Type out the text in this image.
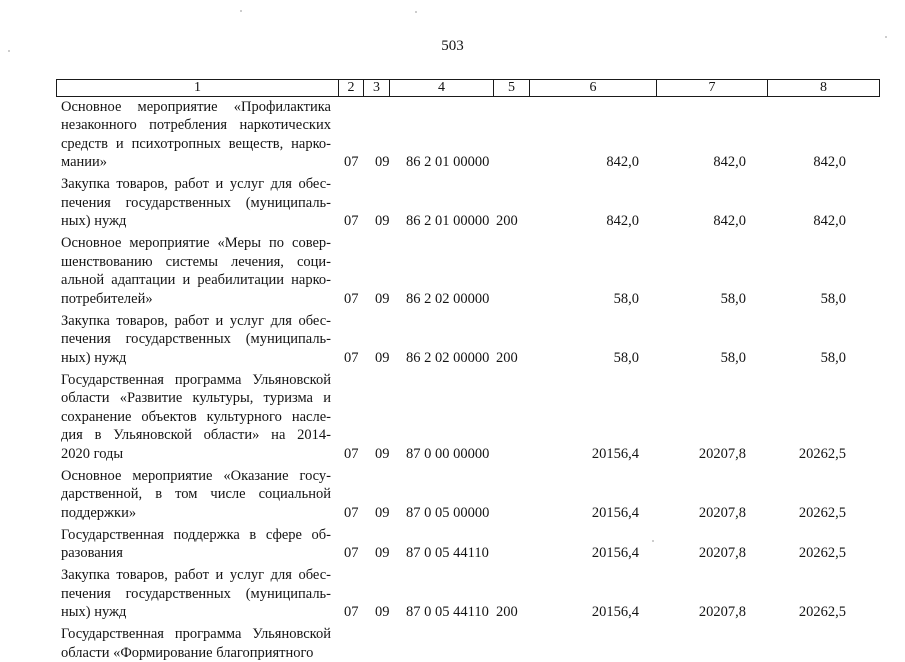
503
1	2	3	4	5	6	7	8
Основное мероприятие «Профилактика
незаконного потребления наркотических
средств и психотропных веществ, нарко-
мании»	07 09 86 2 01 00000	842,0	842,0	842,0
Закупка товаров, работ и услуг для обес-
печения государственных (муниципаль-
ных) нужд	07 09 86 2 01 00000 200	842,0	842,0	842,0
Основное мероприятие «Меры по совер-
шенствованию системы лечения, соци-
альной адаптации и реабилитации нарко-
потребителей»	07 09 86 2 02 00000	58,0	58,0	58,0
Закупка товаров, работ и услуг для обес-
печения государственных (муниципаль-
ных) нужд	07 09 86 2 02 00000 200	58,0	58,0	58,0
Государственная программа Ульяновской
области «Развитие культуры, туризма и
сохранение объектов культурного насле-
дия в Ульяновской области» на 2014-
2020 годы	07 09 87 0 00 00000	20156,4	20207,8	20262,5
Основное мероприятие «Оказание госу-
дарственной, в том числе социальной
поддержки»	07 09 87 0 05 00000	20156,4	20207,8	20262,5
Государственная поддержка в сфере об-
разования	07 09 87 0 05 44110	20156,4	20207,8	20262,5
Закупка товаров, работ и услуг для обес-
печения государственных (муниципаль-
ных) нужд	07 09 87 0 05 44110 200	20156,4	20207,8	20262,5
Государственная программа Ульяновской
области «Формирование благоприятного
